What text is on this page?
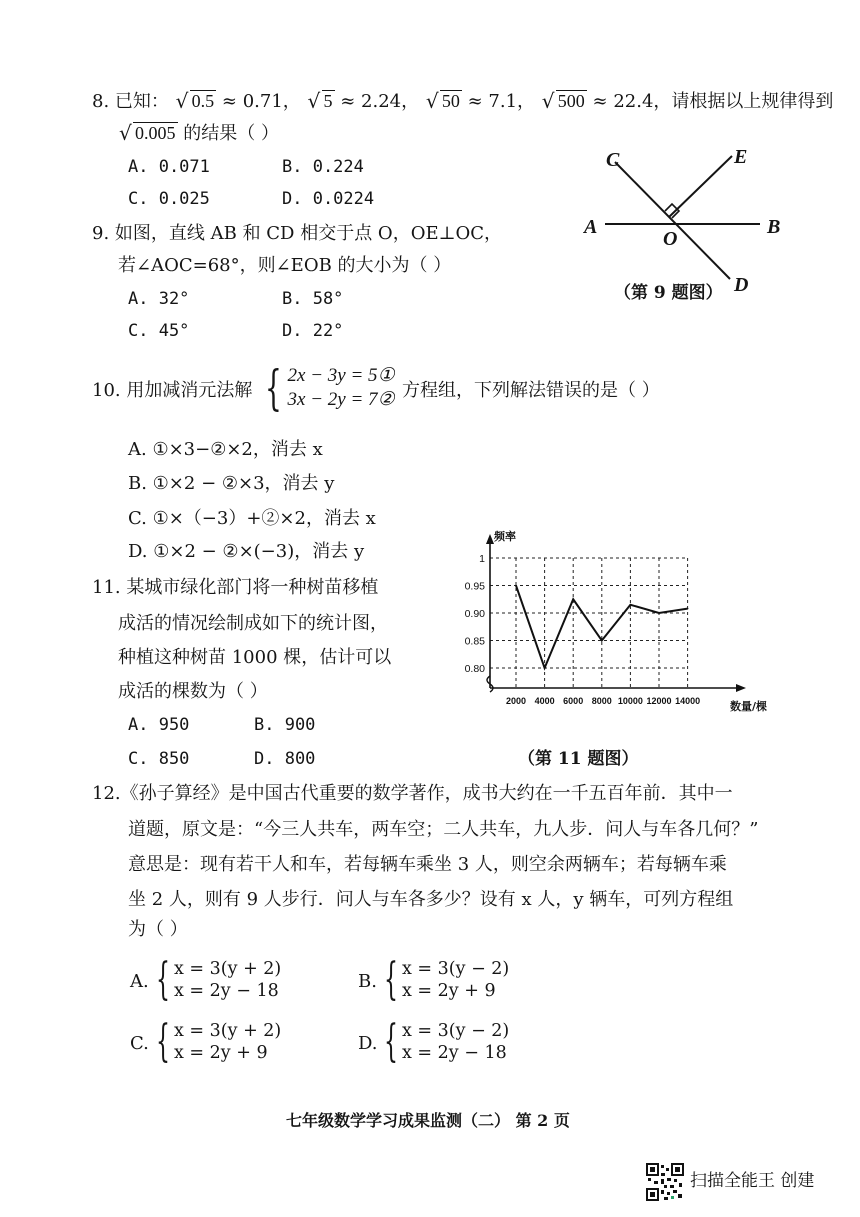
8. 已知： √ 0.5 ≈ 0.71， √ 5 ≈ 2.24， √ 50 ≈ 7.1， √ 500 ≈ 22.4，请根据以上规律得到
√ 0.005 的结果（ ）
A. 0.071	B. 0.224
C. 0.025	D. 0.0224
C	E
A
O
B
D
（第 9 题图）
9. 如图，直线 AB 和 CD 相交于点 O，OE⊥OC，
若∠AOC=68°，则∠EOB 的大小为（ ）
A. 32°	B. 58°
C. 45°	D. 22°
10. 用加减消元法解 { 2x − 3y = 5①
3x − 2y = 7② 方程组，下列解法错误的是（ ）
A. ①×3−②×2，消去 x
B. ①×2 − ②×3，消去 y
C. ①×（−3）+②×2，消去 x
D. ①×2 − ②×(−3)，消去 y
11. 某城市绿化部门将一种树苗移植
成活的情况绘制成如下的统计图，
种植这种树苗 1000 棵，估计可以
成活的棵数为（ ）
A. 950	B. 900
C. 850	D. 800
1
0.95
0.90
0.85
0.80
2000 4000 6000 8000 10000 12000 14000
频率
数量/棵
（第 11 题图）
12.《孙子算经》是中国古代重要的数学著作，成书大约在一千五百年前．其中一
道题，原文是：“今三人共车，两车空；二人共车，九人步．问人与车各几何？”
意思是：现有若干人和车，若每辆车乘坐 3 人，则空余两辆车；若每辆车乘
坐 2 人，则有 9 人步行．问人与车各多少？设有 x 人，y 辆车，可列方程组
为（ ）
A. { x = 3(y + 2)
x = 2y − 18	B. { x = 3(y − 2)
x = 2y + 9
C. { x = 3(y + 2)
x = 2y + 9	D. { x = 3(y − 2)
x = 2y − 18
七年级数学学习成果监测（二） 第 2 页
扫描全能王 创建
